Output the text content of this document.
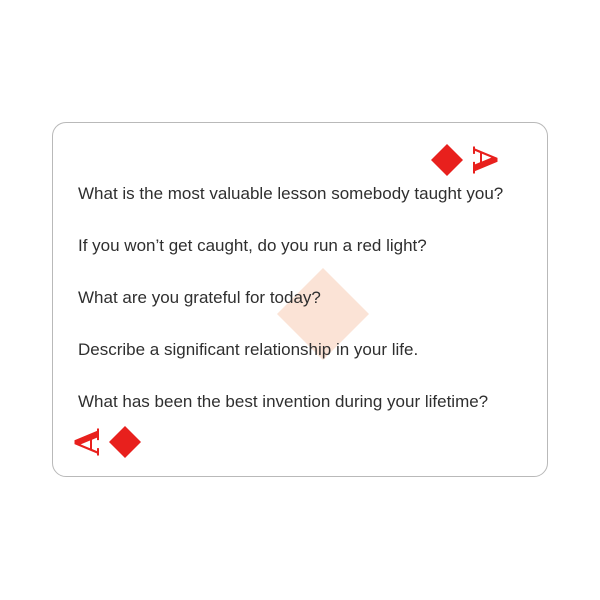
A
What is the most valuable lesson somebody taught you?
If you won’t get caught, do you run a red light?
What are you grateful for today?
Describe a significant relationship in your life.
What has been the best invention during your lifetime?
A
